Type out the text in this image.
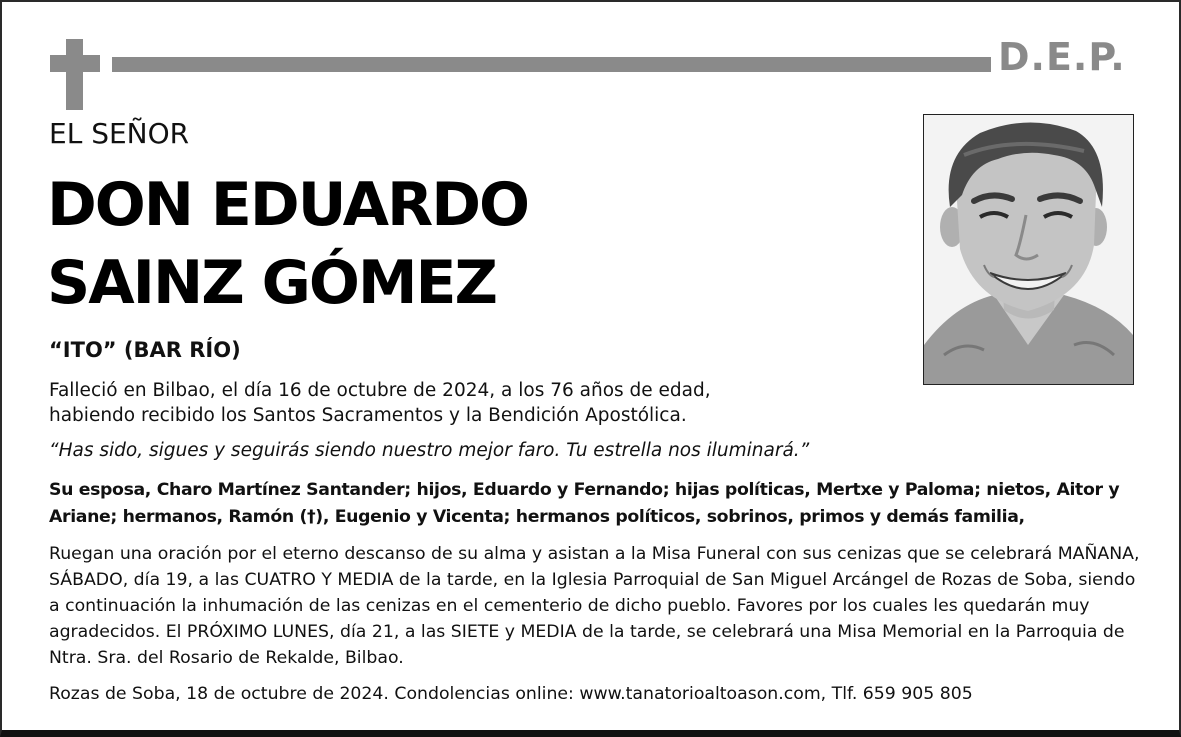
D.E.P.
EL SEÑOR
DON EDUARDO
SAINZ GÓMEZ
“ITO” (BAR RÍO)
Falleció en Bilbao, el día 16 de octubre de 2024, a los 76 años de edad,
habiendo recibido los Santos Sacramentos y la Bendición Apostólica.
“Has sido, sigues y seguirás siendo nuestro mejor faro. Tu estrella nos iluminará.”
Su esposa, Charo Martínez Santander; hijos, Eduardo y Fernando; hijas políticas, Mertxe y Paloma; nietos, Aitor y Ariane; hermanos, Ramón (†), Eugenio y Vicenta; hermanos políticos, sobrinos, primos y demás familia,
Ruegan una oración por el eterno descanso de su alma y asistan a la Misa Funeral con sus cenizas que se celebrará MAÑANA, SÁBADO, día 19, a las CUATRO Y MEDIA de la tarde, en la Iglesia Parroquial de San Miguel Arcángel de Rozas de Soba, siendo a continuación la inhumación de las cenizas en el cementerio de dicho pueblo. Favores por los cuales les quedarán muy agradecidos. El PRÓXIMO LUNES, día 21, a las SIETE y MEDIA de la tarde, se celebrará una Misa Memorial en la Parroquia de Ntra. Sra. del Rosario de Rekalde, Bilbao.
Rozas de Soba, 18 de octubre de 2024. Condolencias online: www.tanatorioaltoason.com, Tlf. 659 905 805
